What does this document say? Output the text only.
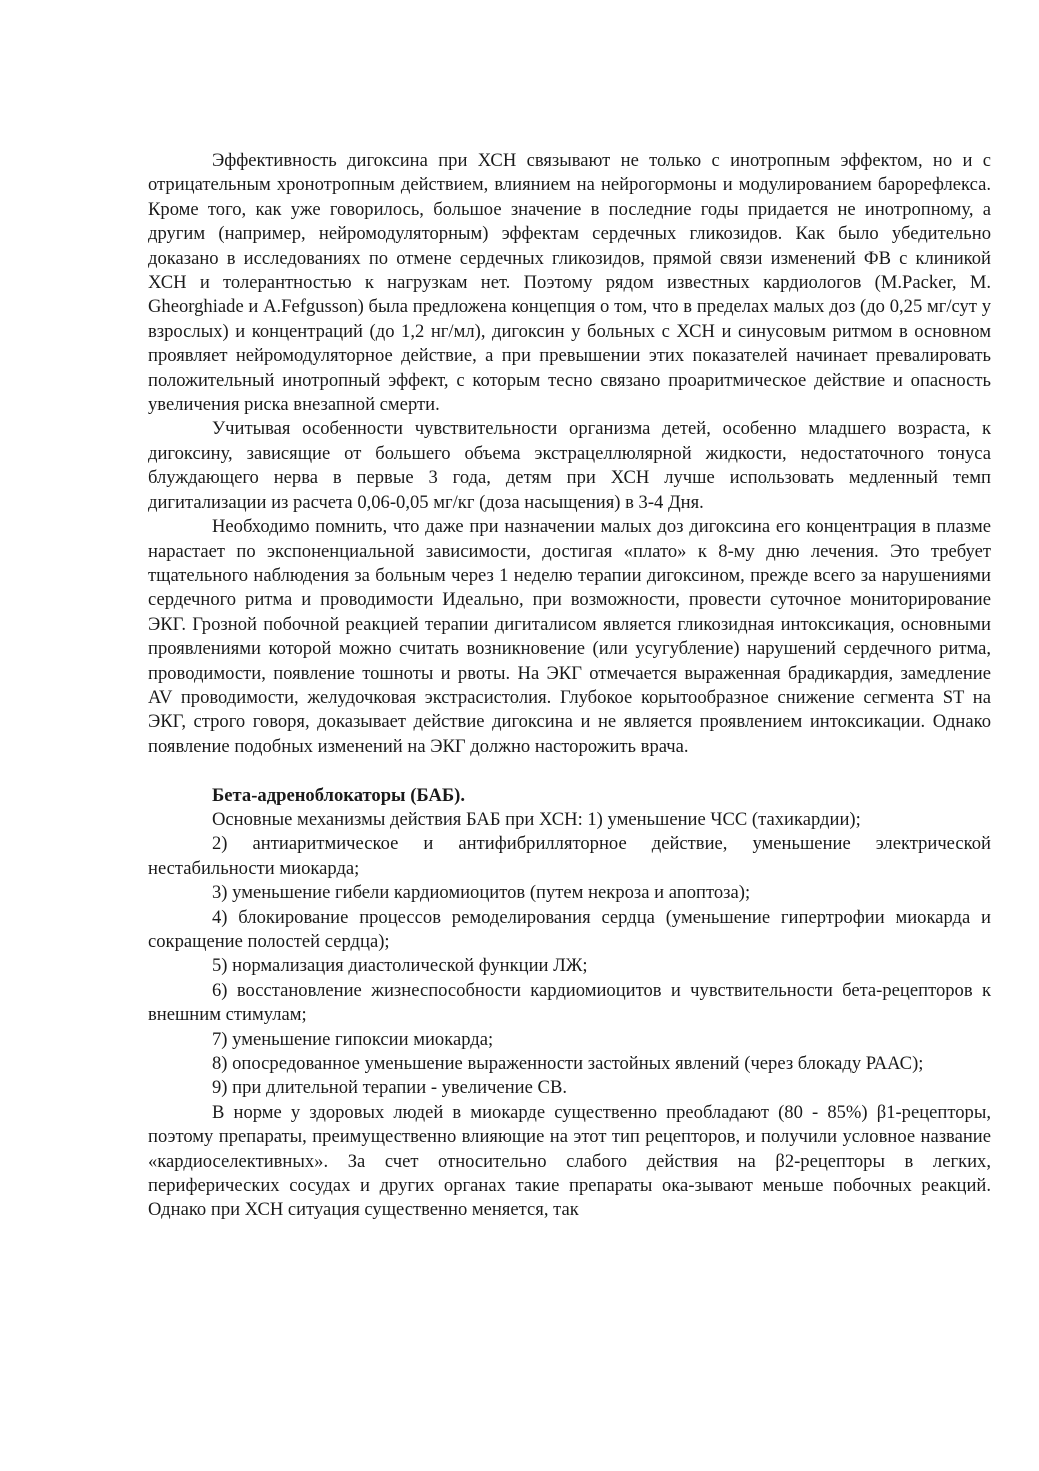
Эффективность дигоксина при ХСН связывают не только с инотропным эффектом, но и с отрицательным хронотропным действием, влиянием на нейрогормоны и модулированием барорефлекса. Кроме того, как уже говорилось, большое значение в последние годы придается не инотропному, а другим (например, нейромодуляторным) эффектам сердечных гликозидов. Как было убедительно доказано в исследованиях по отмене сердечных гликозидов, прямой связи изменений ФВ с клиникой ХСН и толерантностью к нагрузкам нет. Поэтому рядом известных кардиологов (M.Packer, M. Gheorghiade и A.Fefgusson) была предложена концепция о том, что в пределах малых доз (до 0,25 мг/сут у взрослых) и концентраций (до 1,2 нг/мл), дигоксин у больных с ХСН и синусовым ритмом в основном проявляет нейромодуляторное действие, а при превышении этих показателей начинает превалировать положительный инотропный эффект, с которым тесно связано проаритмическое действие и опасность увеличения риска внезапной смерти.

Учитывая особенности чувствительности организма детей, особенно младшего возраста, к дигоксину, зависящие от большего объема экстрацеллюлярной жидкости, недостаточного тонуса блуждающего нерва в первые 3 года, детям при ХСН лучше использовать медленный темп дигитализации из расчета 0,06-0,05 мг/кг (доза насыщения) в 3-4 Дня.

Необходимо помнить, что даже при назначении малых доз дигоксина его концентрация в плазме нарастает по экспоненциальной зависимости, достигая «плато» к 8-му дню лечения. Это требует тщательного наблюдения за больным через 1 неделю терапии дигоксином, прежде всего за нарушениями сердечного ритма и проводимости Идеально, при возможности, провести суточное мониторирование ЭКГ. Грозной побочной реакцией терапии дигиталисом является гликозидная интоксикация, основными проявлениями которой можно считать возникновение (или усугубление) нарушений сердечного ритма, проводимости, появление тошноты и рвоты. На ЭКГ отмечается выраженная брадикардия, замедление AV проводимости, желудочковая экстрасистолия. Глубокое корытообразное снижение сегмента ST на ЭКГ, строго говоря, доказывает действие дигоксина и не является проявлением интоксикации. Однако появление подобных изменений на ЭКГ должно насторожить врача.

Бета-адреноблокаторы (БАБ).

Основные механизмы действия БАБ при ХСН: 1) уменьшение ЧСС (тахикардии);

2) антиаритмическое и антифибрилляторное действие, уменьшение электрической нестабильности миокарда;

3) уменьшение гибели кардиомиоцитов (путем некроза и апоптоза);

4) блокирование процессов ремоделирования сердца (уменьшение гипертрофии миокарда и сокращение полостей сердца);

5) нормализация диастолической функции ЛЖ;

6) восстановление жизнеспособности кардиомиоцитов и чувствительности бета-рецепторов к внешним стимулам;

7) уменьшение гипоксии миокарда;

8) опосредованное уменьшение выраженности застойных явлений (через блокаду РААС);

9) при длительной терапии - увеличение СВ.

В норме у здоровых людей в миокарде существенно преобладают (80 - 85%) β1-рецепторы, поэтому препараты, преимущественно влияющие на этот тип рецепторов, и получили условное название «кардиоселективных». За счет относительно слабого действия на β2-рецепторы в легких, периферических сосудах и других органах такие препараты ока-зывают меньше побочных реакций. Однако при ХСН ситуация существенно меняется, так
